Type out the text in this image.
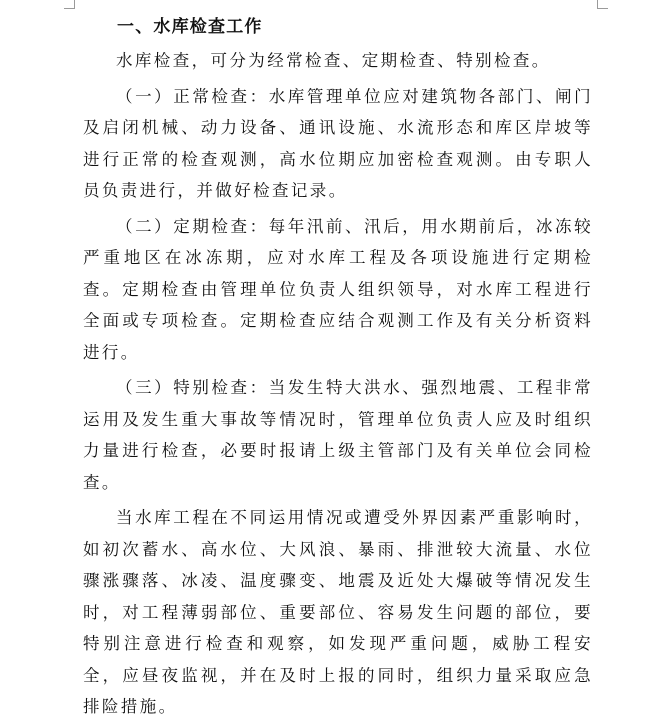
一、水库检查工作

水库检查，可分为经常检查、定期检查、特别检查。

（一）正常检查：水库管理单位应对建筑物各部门、闸门及启闭机械、动力设备、通讯设施、水流形态和库区岸坡等进行正常的检查观测，高水位期应加密检查观测。由专职人员负责进行，并做好检查记录。

（二）定期检查：每年汛前、汛后，用水期前后，冰冻较严重地区在冰冻期，应对水库工程及各项设施进行定期检查。定期检查由管理单位负责人组织领导，对水库工程进行全面或专项检查。定期检查应结合观测工作及有关分析资料进行。

（三）特别检查：当发生特大洪水、强烈地震、工程非常运用及发生重大事故等情况时，管理单位负责人应及时组织力量进行检查，必要时报请上级主管部门及有关单位会同检查。

当水库工程在不同运用情况或遭受外界因素严重影响时， 如初次蓄水、高水位、大风浪、暴雨、排泄较大流量、水位骤涨骤落、冰凌、温度骤变、地震及近处大爆破等情况发生时，对工程薄弱部位、重要部位、容易发生问题的部位，要特别注意进行检查和观察，如发现严重问题，威胁工程安全，应昼夜监视，并在及时上报的同时，组织力量采取应急排险措施。
